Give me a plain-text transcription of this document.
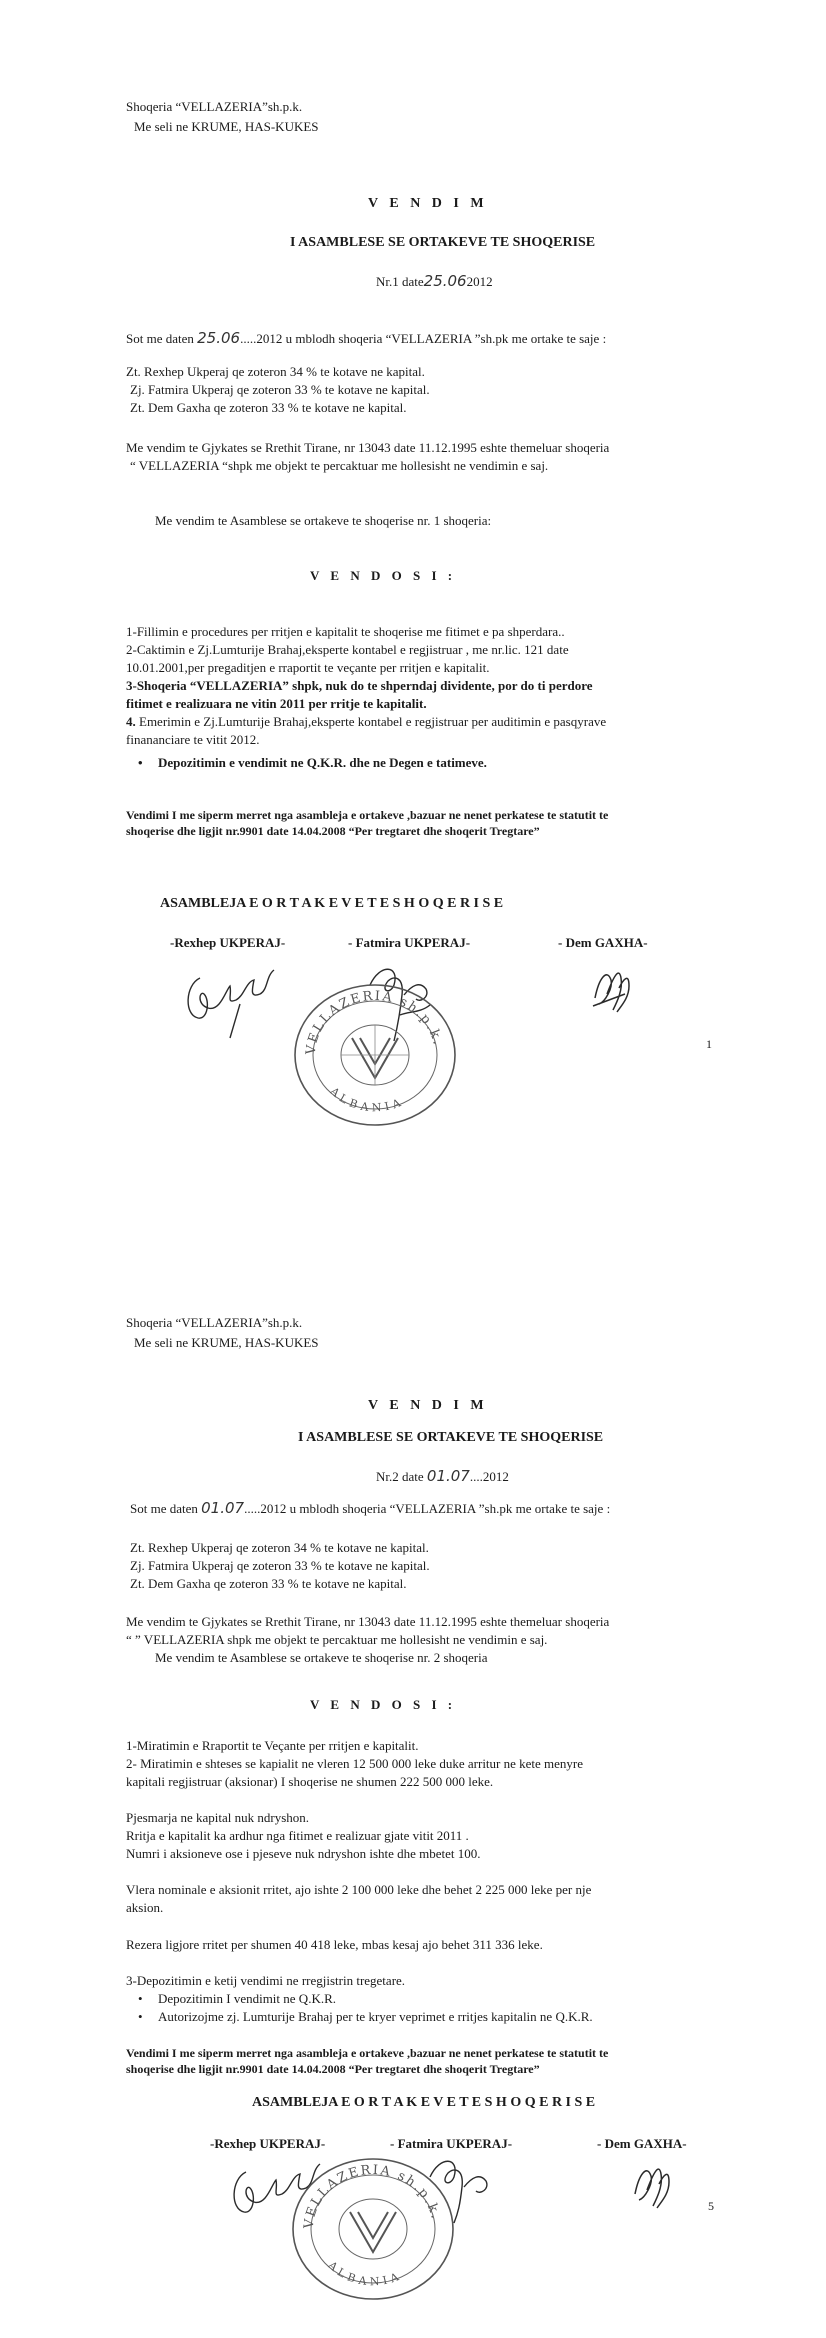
Shoqeria “VELLAZERIA”sh.p.k.
Me seli ne KRUME, HAS-KUKES
V E N D I M
I ASAMBLESE SE ORTAKEVE TE SHOQERISE
Nr.1 date25.062012
Sot me daten 25.06.....2012 u mblodh shoqeria “VELLAZERIA ”sh.pk me ortake te saje :
Zt. Rexhep Ukperaj qe zoteron 34 % te kotave ne kapital.
Zj. Fatmira Ukperaj qe zoteron 33 % te kotave ne kapital.
Zt. Dem Gaxha qe zoteron 33 % te kotave ne kapital.
Me vendim te Gjykates se Rrethit Tirane, nr 13043 date 11.12.1995 eshte themeluar shoqeria
“ VELLAZERIA “shpk me objekt te percaktuar me hollesisht ne vendimin e saj.
Me vendim te Asamblese se ortakeve te shoqerise nr. 1 shoqeria:
V E N D O S I :
1-Fillimin e procedures per rritjen e kapitalit te shoqerise me fitimet e pa shperdara..
2-Caktimin e Zj.Lumturije Brahaj,eksperte kontabel e regjistruar , me nr.lic. 121 date
10.01.2001,per pregaditjen e rraportit te veçante per rritjen e kapitalit.
3-Shoqeria “VELLAZERIA” shpk, nuk do te shperndaj dividente, por do ti perdore
fitimet e realizuara ne vitin 2011 per rritje te kapitalit.
4. Emerimin e Zj.Lumturije Brahaj,eksperte kontabel e regjistruar per auditimin e pasqyrave
finananciare te vitit 2012.
• Depozitimin e vendimit ne Q.K.R. dhe ne Degen e tatimeve.
Vendimi I me siperm merret nga asambleja e ortakeve ,bazuar ne nenet perkatese te statutit te
shoqerise dhe ligjit nr.9901 date 14.04.2008 “Per tregtaret dhe shoqerit Tregtare”
ASAMBLEJA E O R T A K E V E T E S H O Q E R I S E
-Rexhep UKPERAJ-	- Fatmira UKPERAJ-	- Dem GAXHA-
VELLAZERIA sh.p.k.
ALBANIA
1
Shoqeria “VELLAZERIA”sh.p.k.
Me seli ne KRUME, HAS-KUKES
V E N D I M
I ASAMBLESE SE ORTAKEVE TE SHOQERISE
Nr.2 date 01.07....2012
Sot me daten 01.07.....2012 u mblodh shoqeria “VELLAZERIA ”sh.pk me ortake te saje :
Zt. Rexhep Ukperaj qe zoteron 34 % te kotave ne kapital.
Zj. Fatmira Ukperaj qe zoteron 33 % te kotave ne kapital.
Zt. Dem Gaxha qe zoteron 33 % te kotave ne kapital.
Me vendim te Gjykates se Rrethit Tirane, nr 13043 date 11.12.1995 eshte themeluar shoqeria
“ ” VELLAZERIA shpk me objekt te percaktuar me hollesisht ne vendimin e saj.
Me vendim te Asamblese se ortakeve te shoqerise nr. 2 shoqeria
V E N D O S I :
1-Miratimin e Rraportit te Veçante per rritjen e kapitalit.
2- Miratimin e shteses se kapialit ne vleren 12 500 000 leke duke arritur ne kete menyre
kapitali regjistruar (aksionar) I shoqerise ne shumen 222 500 000 leke.
Pjesmarja ne kapital nuk ndryshon.
Rritja e kapitalit ka ardhur nga fitimet e realizuar gjate vitit 2011 .
Numri i aksioneve ose i pjeseve nuk ndryshon ishte dhe mbetet 100.
Vlera nominale e aksionit rritet, ajo ishte 2 100 000 leke dhe behet 2 225 000 leke per nje
aksion.
Rezera ligjore rritet per shumen 40 418 leke, mbas kesaj ajo behet 311 336 leke.
3-Depozitimin e ketij vendimi ne rregjistrin tregetare.
• Depozitimin I vendimit ne Q.K.R.
• Autorizojme zj. Lumturije Brahaj per te kryer veprimet e rritjes kapitalin ne Q.K.R.
Vendimi I me siperm merret nga asambleja e ortakeve ,bazuar ne nenet perkatese te statutit te
shoqerise dhe ligjit nr.9901 date 14.04.2008 “Per tregtaret dhe shoqerit Tregtare”
ASAMBLEJA E O R T A K E V E T E S H O Q E R I S E
-Rexhep UKPERAJ-	- Fatmira UKPERAJ-	- Dem GAXHA-
VELLAZERIA sh.p.k.
ALBANIA
5
